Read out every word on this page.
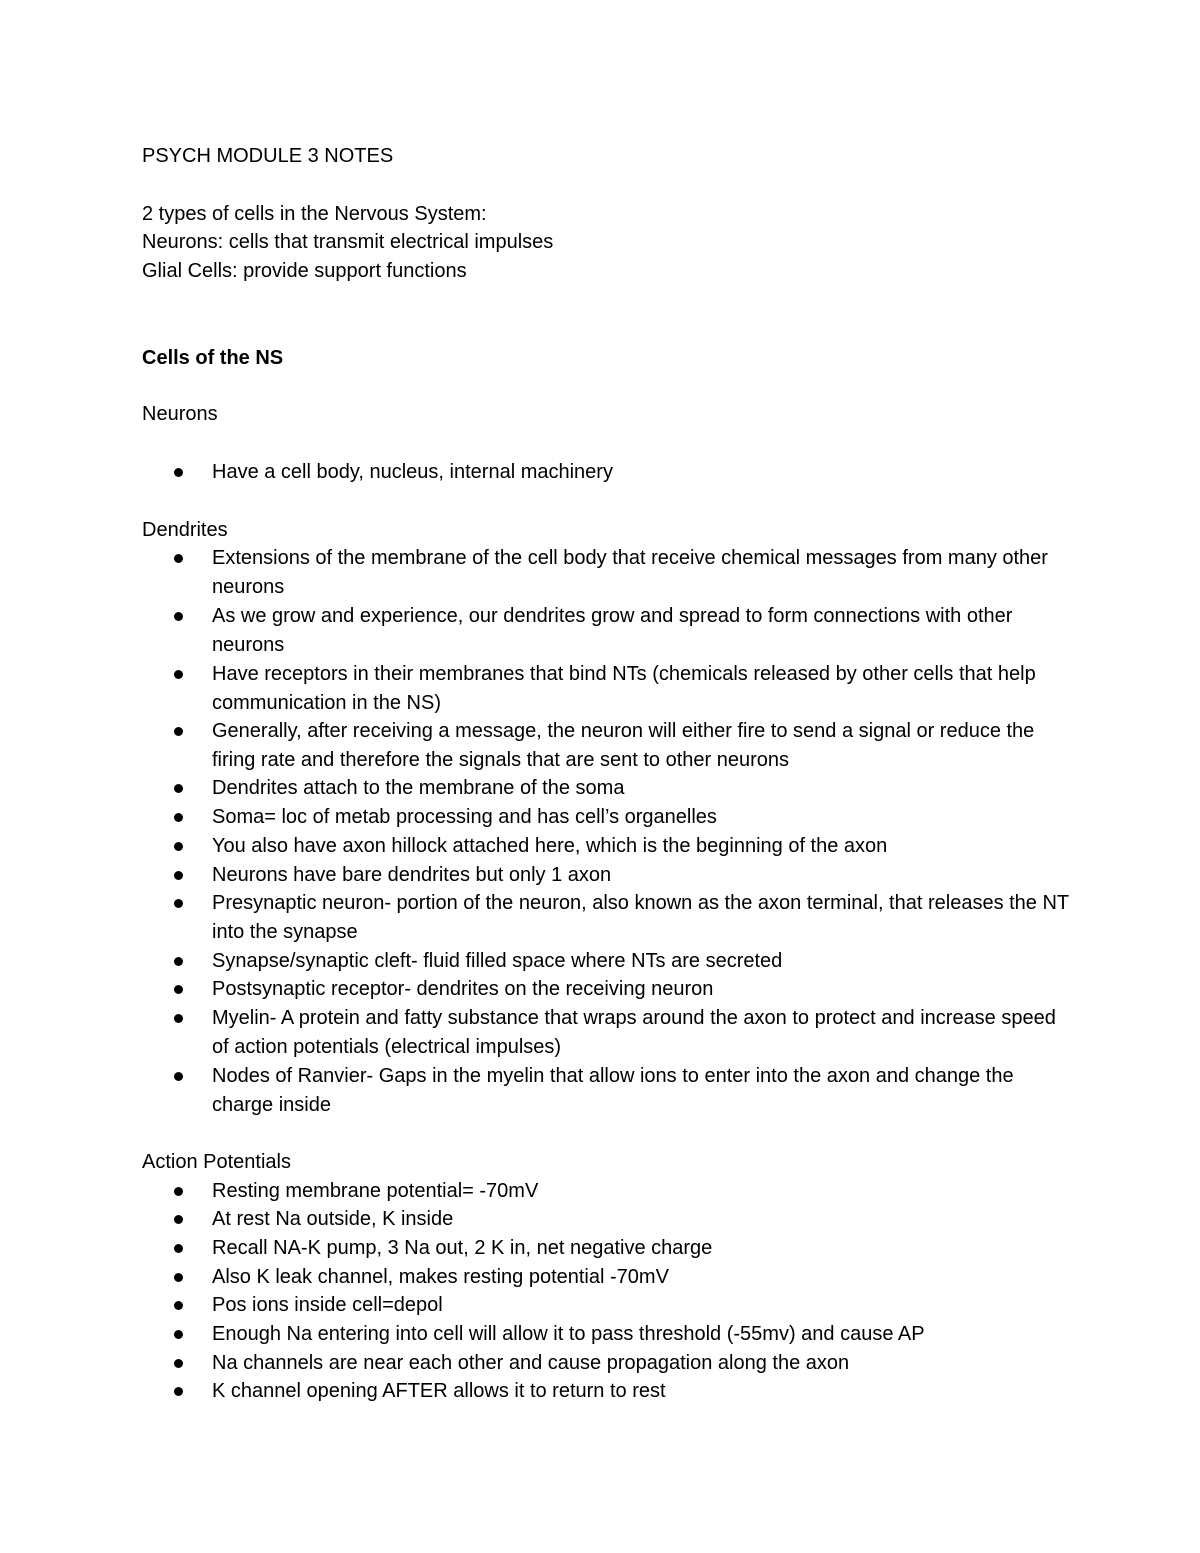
PSYCH MODULE 3 NOTES
2 types of cells in the Nervous System:
Neurons: cells that transmit electrical impulses
Glial Cells: provide support functions
Cells of the NS
Neurons
Have a cell body, nucleus, internal machinery
Dendrites
Extensions of the membrane of the cell body that receive chemical messages from many other neurons
As we grow and experience, our dendrites grow and spread to form connections with other neurons
Have receptors in their membranes that bind NTs (chemicals released by other cells that help communication in the NS)
Generally, after receiving a message, the neuron will either fire to send a signal or reduce the firing rate and therefore the signals that are sent to other neurons
Dendrites attach to the membrane of the soma
Soma= loc of metab processing and has cell’s organelles
You also have axon hillock attached here, which is the beginning of the axon
Neurons have bare dendrites but only 1 axon
Presynaptic neuron- portion of the neuron, also known as the axon terminal, that releases the NT into the synapse
Synapse/synaptic cleft- fluid filled space where NTs are secreted
Postsynaptic receptor- dendrites on the receiving neuron
Myelin- A protein and fatty substance that wraps around the axon to protect and increase speed of action potentials (electrical impulses)
Nodes of Ranvier- Gaps in the myelin that allow ions to enter into the axon and change the charge inside
Action Potentials
Resting membrane potential= -70mV
At rest Na outside, K inside
Recall NA-K pump, 3 Na out, 2 K in, net negative charge
Also K leak channel, makes resting potential -70mV
Pos ions inside cell=depol
Enough Na entering into cell will allow it to pass threshold (-55mv) and cause AP
Na channels are near each other and cause propagation along the axon
K channel opening AFTER allows it to return to rest
